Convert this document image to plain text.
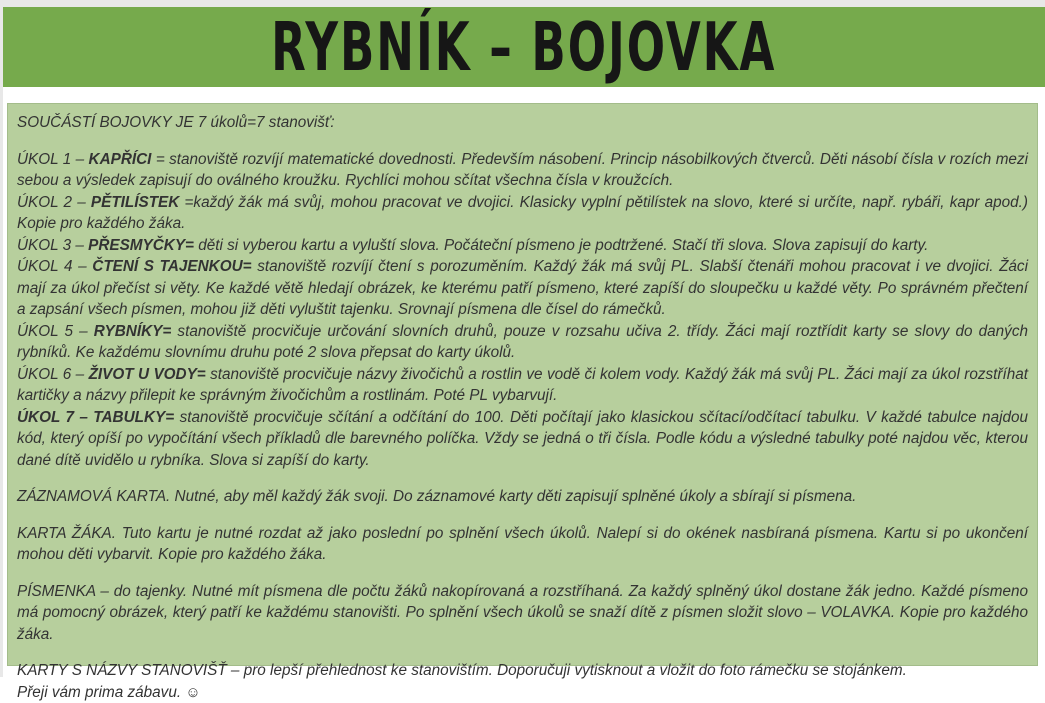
RYBNÍK – BOJOVKA

SOUČÁSTÍ BOJOVKY JE 7 úkolů=7 stanovišť:

ÚKOL 1 – KAPŘÍCI = stanoviště rozvíjí matematické dovednosti. Především násobení. Princip násobilkových čtverců. Děti násobí čísla v rozích mezi sebou a výsledek zapisují do oválného kroužku. Rychlíci mohou sčítat všechna čísla v kroužcích.

ÚKOL 2 – PĚTILÍSTEK =každý žák má svůj, mohou pracovat ve dvojici. Klasicky vyplní pětilístek na slovo, které si určíte, např. rybáři, kapr apod.) Kopie pro každého žáka.

ÚKOL 3 – PŘESMYČKY= děti si vyberou kartu a vyluští slova. Počáteční písmeno je podtržené. Stačí tři slova. Slova zapisují do karty.

ÚKOL 4 – ČTENÍ S TAJENKOU= stanoviště rozvíjí čtení s porozuměním. Každý žák má svůj PL. Slabší čtenáři mohou pracovat i ve dvojici. Žáci mají za úkol přečíst si věty. Ke každé větě hledají obrázek, ke kterému patří písmeno, které zapíší do sloupečku u každé věty. Po správném přečtení a zapsání všech písmen, mohou již děti vyluštit tajenku. Srovnají písmena dle čísel do rámečků.

ÚKOL 5 – RYBNÍKY= stanoviště procvičuje určování slovních druhů, pouze v rozsahu učiva 2. třídy. Žáci mají roztřídit karty se slovy do daných rybníků. Ke každému slovnímu druhu poté 2 slova přepsat do karty úkolů.

ÚKOL 6 – ŽIVOT U VODY= stanoviště procvičuje názvy živočichů a rostlin ve vodě či kolem vody. Každý žák má svůj PL. Žáci mají za úkol rozstříhat kartičky a názvy přilepit ke správným živočichům a rostlinám. Poté PL vybarvují.

ÚKOL 7 – TABULKY= stanoviště procvičuje sčítání a odčítání do 100. Děti počítají jako klasickou sčítací/odčítací tabulku. V každé tabulce najdou kód, který opíší po vypočítání všech příkladů dle barevného políčka. Vždy se jedná o tři čísla. Podle kódu a výsledné tabulky poté najdou věc, kterou dané dítě uvidělo u rybníka. Slova si zapíší do karty.

ZÁZNAMOVÁ KARTA. Nutné, aby měl každý žák svoji. Do záznamové karty děti zapisují splněné úkoly a sbírají si písmena.

KARTA ŽÁKA. Tuto kartu je nutné rozdat až jako poslední po splnění všech úkolů. Nalepí si do okének nasbíraná písmena. Kartu si po ukončení mohou děti vybarvit. Kopie pro každého žáka.

PÍSMENKA – do tajenky. Nutné mít písmena dle počtu žáků nakopírovaná a rozstříhaná. Za každý splněný úkol dostane žák jedno. Každé písmeno má pomocný obrázek, který patří ke každému stanovišti. Po splnění všech úkolů se snaží dítě z písmen složit slovo – VOLAVKA. Kopie pro každého žáka.

KARTY S NÁZVY STANOVIŠŤ – pro lepší přehlednost ke stanovištím. Doporučuji vytisknout a vložit do foto rámečku se stojánkem.

Přeji vám prima zábavu. ☺
